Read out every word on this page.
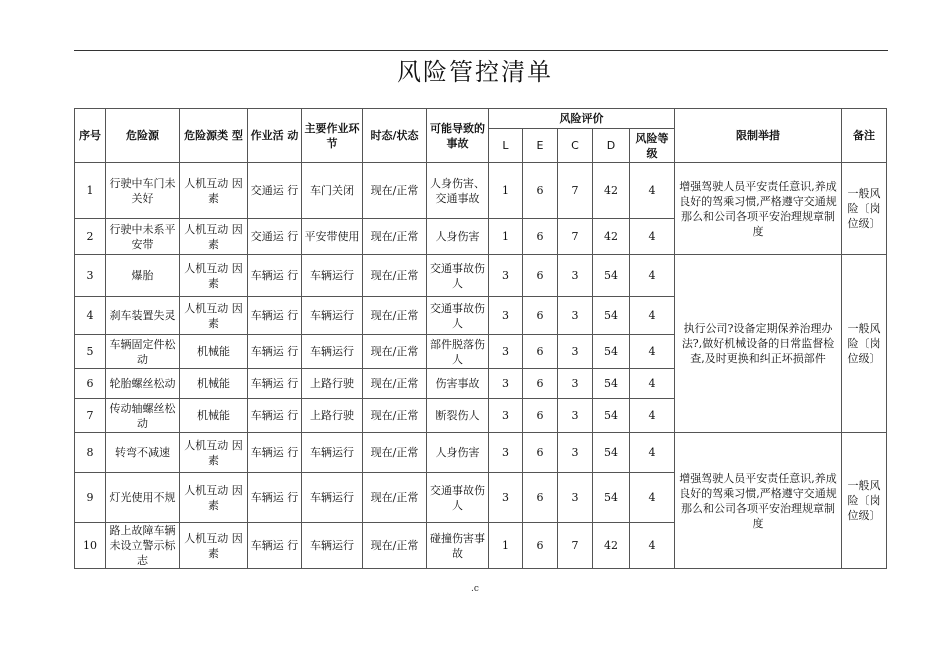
风险管控清单
序号	危险源	危险源类 型	作业活 动	主要作业环节	时态/状态	可能导致的事故	风险评价					限制举措	备注
							L	E	C	D	风险等级		
1	行驶中车门未关好	人机互动 因素	交通运 行	车门关闭	现在/正常	人身伤害、交通事故	1	6	7	42	4	增强驾驶人员平安责任意识,养成良好的驾乘习惯,严格遵守交通规那么和公司各项平安治理规章制度	一般风险〔岗位级〕
2	行驶中未系平安带	人机互动 因素	交通运 行	平安带使用	现在/正常	人身伤害	1	6	7	42	4		
3	爆胎	人机互动 因素	车辆运 行	车辆运行	现在/正常	交通事故伤人	3	6	3	54	4	执行公司?设备定期保养治理办法?,做好机械设备的日常监督检查,及时更换和纠正坏损部件	一般风险〔岗位级〕
4	刹车装置失灵	人机互动 因素	车辆运 行	车辆运行	现在/正常	交通事故伤人	3	6	3	54	4		
5	车辆固定件松动	机械能	车辆运 行	车辆运行	现在/正常	部件脱落伤人	3	6	3	54	4		
6	轮胎螺丝松动	机械能	车辆运 行	上路行驶	现在/正常	伤害事故	3	6	3	54	4		
7	传动轴螺丝松动	机械能	车辆运 行	上路行驶	现在/正常	断裂伤人	3	6	3	54	4		
8	转弯不减速	人机互动 因素	车辆运 行	车辆运行	现在/正常	人身伤害	3	6	3	54	4	增强驾驶人员平安责任意识,养成良好的驾乘习惯,严格遵守交通规那么和公司各项平安治理规章制度	一般风险〔岗位级〕
9	灯光使用不规	人机互动 因素	车辆运 行	车辆运行	现在/正常	交通事故伤人	3	6	3	54	4		
10	路上故障车辆未设立警示标志	人机互动 因素	车辆运 行	车辆运行	现在/正常	碰撞伤害事故	1	6	7	42	4		
.c
